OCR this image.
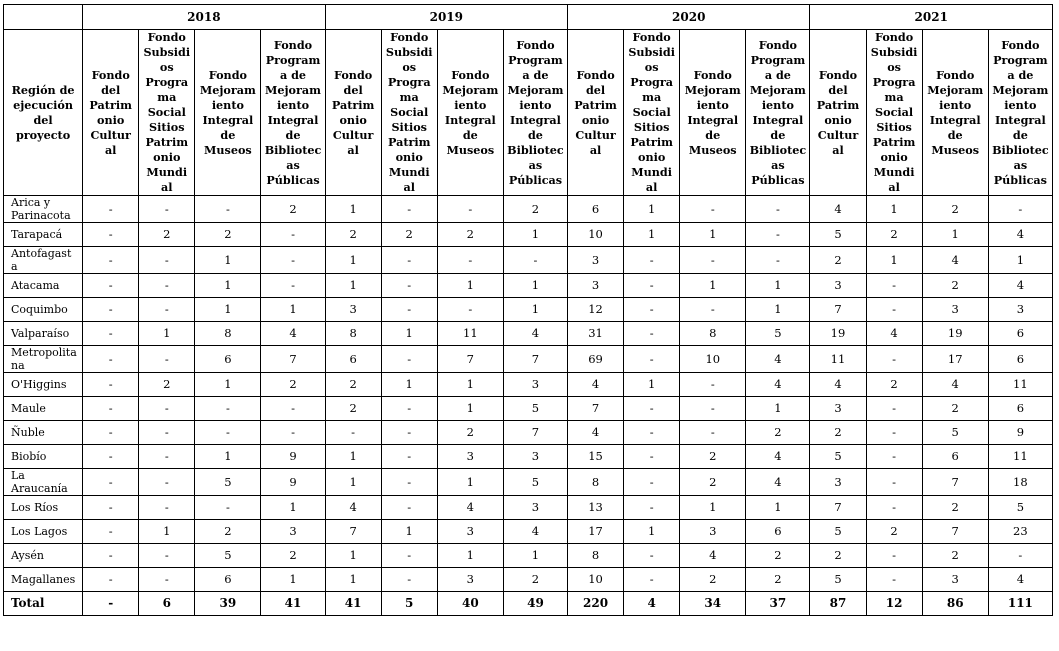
	2018				2019				2020				2021			
Región de ejecución del proyecto	Fondo del Patrim onio Cultur al	Fondo Subsidi os Progra ma Social Sitios Patrim onio Mundi al	Fondo Mejoram iento Integral de Museos	Fondo Program a de Mejoram iento Integral de Bibliotec as Públicas	Fondo del Patrim onio Cultur al	Fondo Subsidi os Progra ma Social Sitios Patrim onio Mundi al	Fondo Mejoram iento Integral de Museos	Fondo Program a de Mejoram iento Integral de Bibliotec as Públicas	Fondo del Patrim onio Cultur al	Fondo Subsidi os Progra ma Social Sitios Patrim onio Mundi al	Fondo Mejoram iento Integral de Museos	Fondo Program a de Mejoram iento Integral de Bibliotec as Públicas	Fondo del Patrim onio Cultur al	Fondo Subsidi os Progra ma Social Sitios Patrim onio Mundi al	Fondo Mejoram iento Integral de Museos	Fondo Program a de Mejoram iento Integral de Bibliotec as Públicas
Arica y Parinacota	-	-	-	2	1	-	-	2	6	1	-	-	4	1	2	-
Tarapacá	-	2	2	-	2	2	2	1	10	1	1	-	5	2	1	4
Antofagast a	-	-	1	-	1	-	-	-	3	-	-	-	2	1	4	1
Atacama	-	-	1	-	1	-	1	1	3	-	1	1	3	-	2	4
Coquimbo	-	-	1	1	3	-	-	1	12	-	-	1	7	-	3	3
Valparaíso	-	1	8	4	8	1	11	4	31	-	8	5	19	4	19	6
Metropolita na	-	-	6	7	6	-	7	7	69	-	10	4	11	-	17	6
O'Higgins	-	2	1	2	2	1	1	3	4	1	-	4	4	2	4	11
Maule	-	-	-	-	2	-	1	5	7	-	-	1	3	-	2	6
Ñuble	-	-	-	-	-	-	2	7	4	-	-	2	2	-	5	9
Biobío	-	-	1	9	1	-	3	3	15	-	2	4	5	-	6	11
La Araucanía	-	-	5	9	1	-	1	5	8	-	2	4	3	-	7	18
Los Ríos	-	-	-	1	4	-	4	3	13	-	1	1	7	-	2	5
Los Lagos	-	1	2	3	7	1	3	4	17	1	3	6	5	2	7	23
Aysén	-	-	5	2	1	-	1	1	8	-	4	2	2	-	2	-
Magallanes	-	-	6	1	1	-	3	2	10	-	2	2	5	-	3	4
Total	-	6	39	41	41	5	40	49	220	4	34	37	87	12	86	111
